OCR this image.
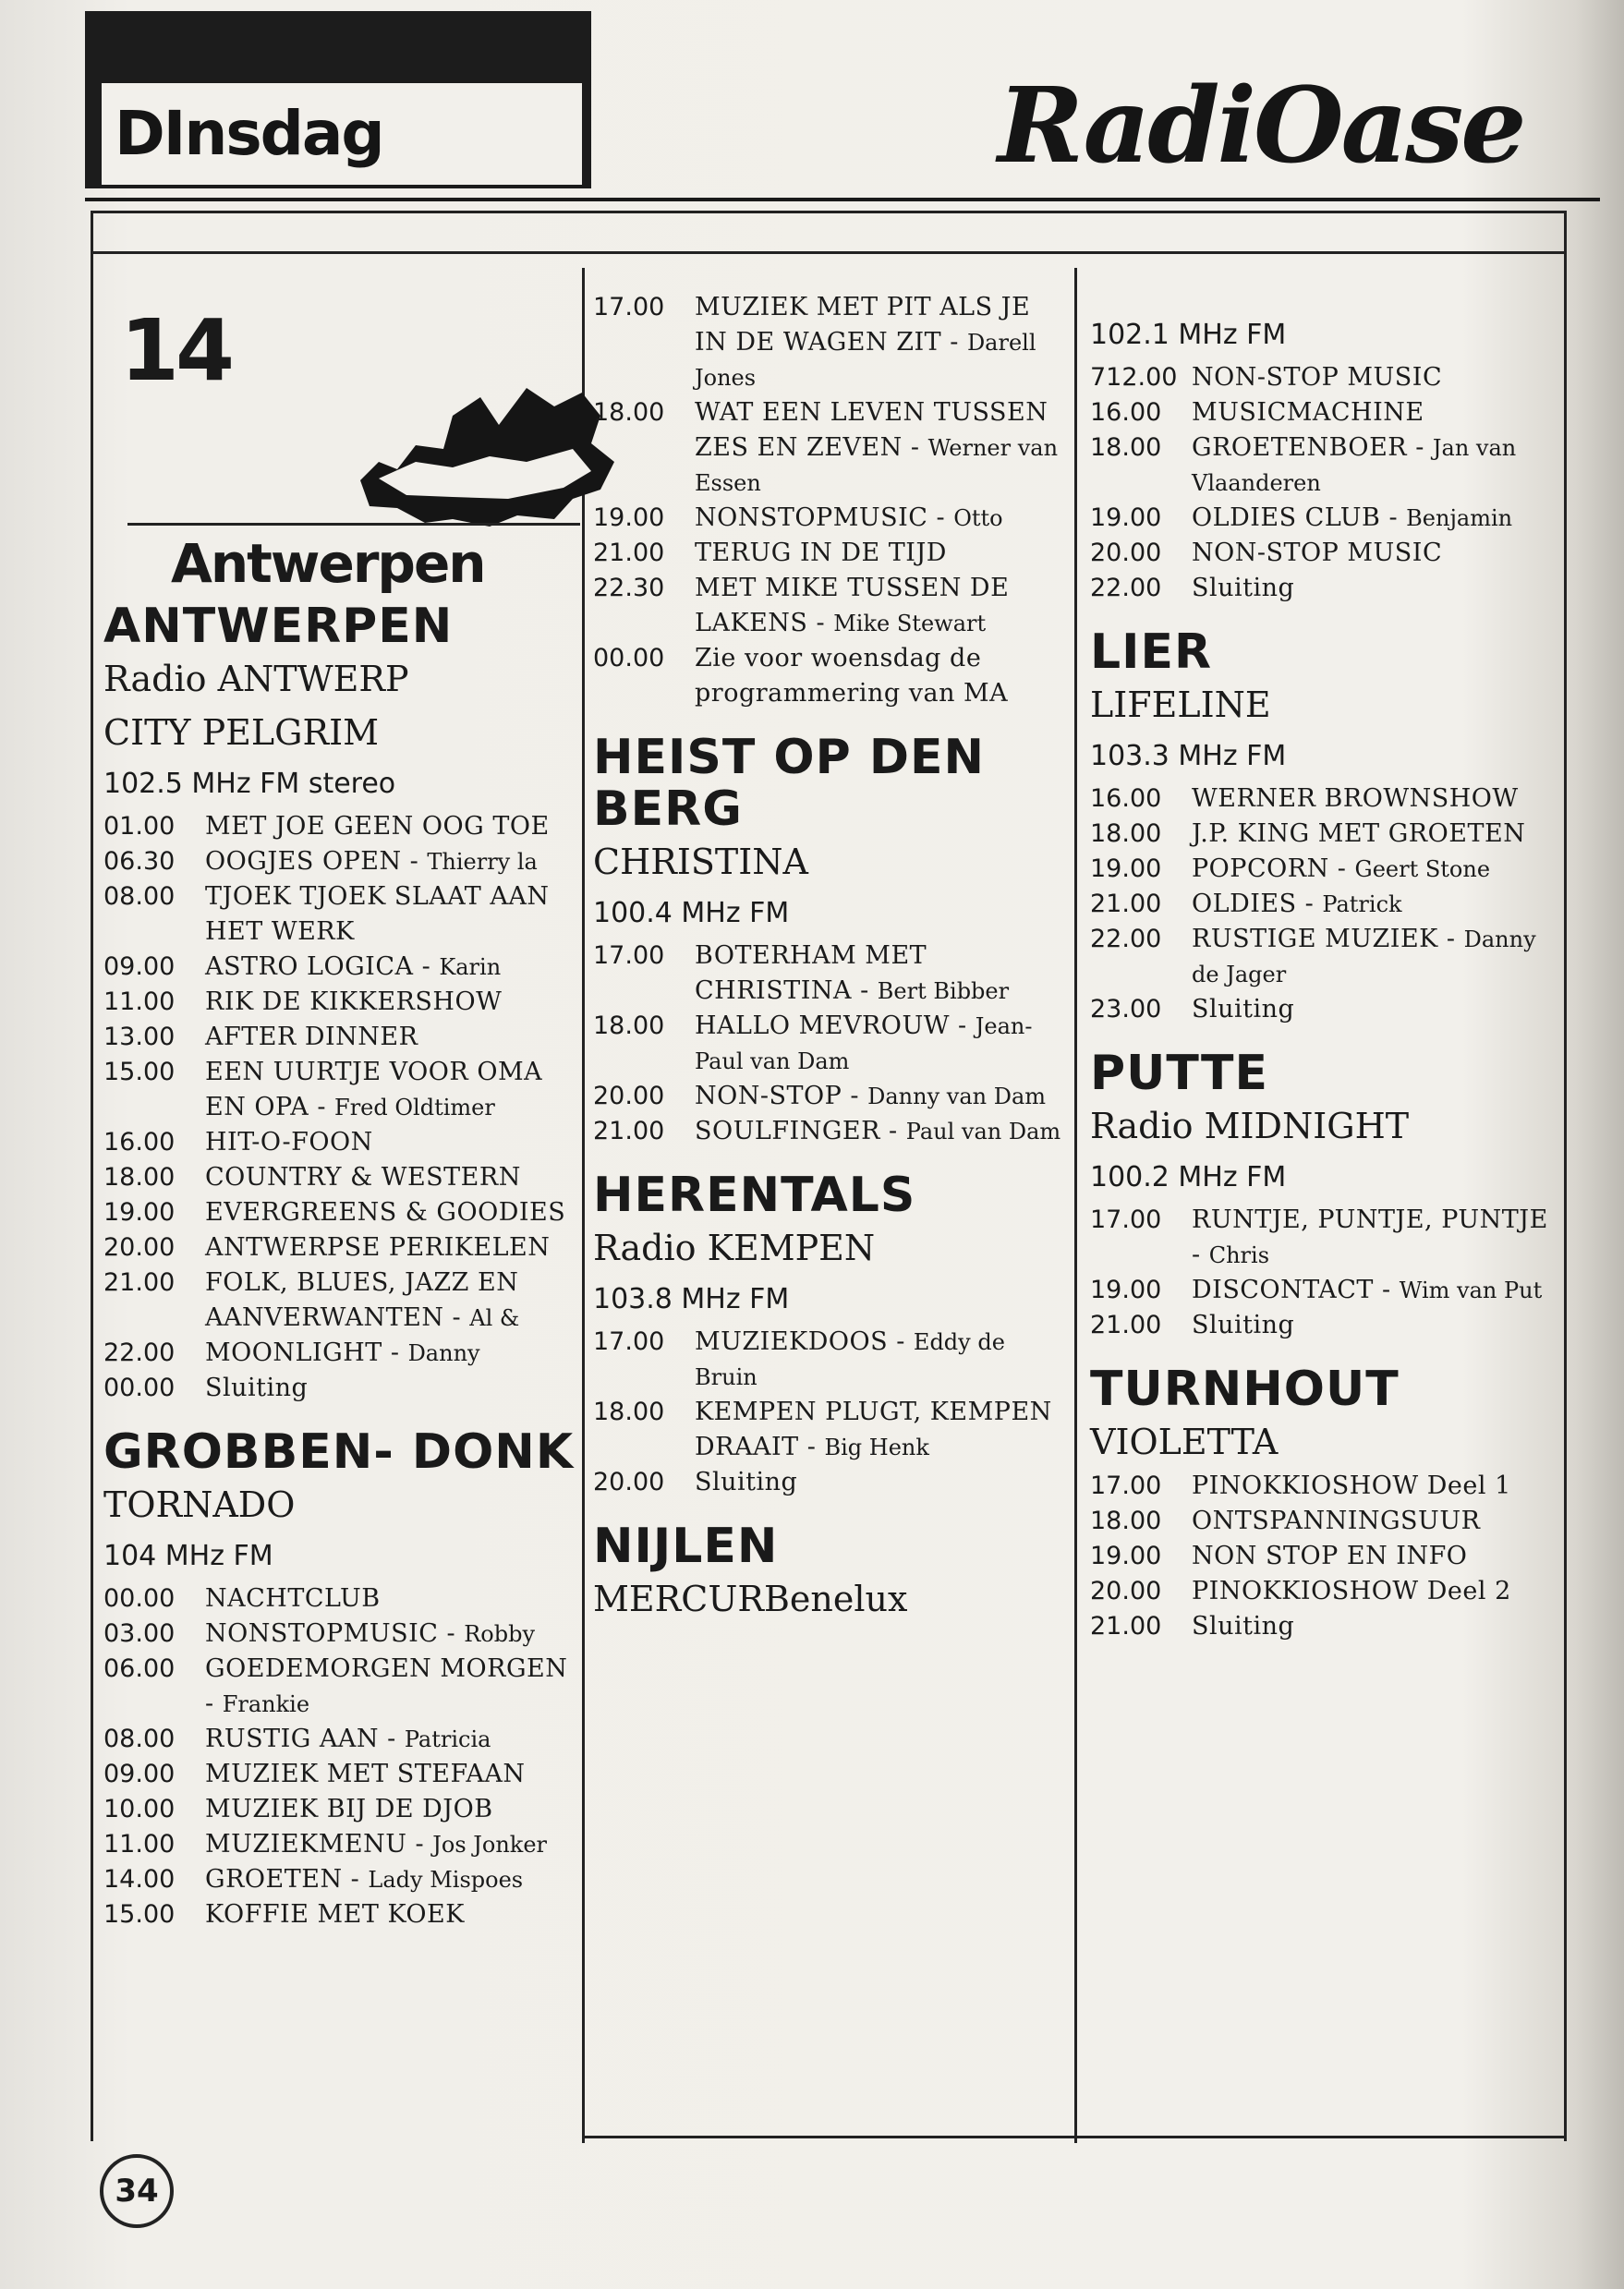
DInsdag	RadiOase
14
Antwerpen
ANTWERPEN
Radio ANTWERP
CITY PELGRIM
102.5 MHz FM stereo
01.00	MET JOE GEEN OOG TOE
06.30	OOGJES OPEN - Thierry la
08.00	TJOEK TJOEK SLAAT AAN HET WERK
09.00	ASTRO LOGICA - Karin
11.00	RIK DE KIKKERSHOW
13.00	AFTER DINNER
15.00	EEN UURTJE VOOR OMA EN OPA - Fred Oldtimer
16.00	HIT-O-FOON
18.00	COUNTRY & WESTERN
19.00	EVERGREENS & GOODIES
20.00	ANTWERPSE PERIKELEN
21.00	FOLK, BLUES, JAZZ EN AANVERWANTEN - Al &
22.00	MOONLIGHT - Danny
00.00	Sluiting
GROBBEN- DONK
TORNADO
104 MHz FM
00.00	NACHTCLUB
03.00	NONSTOPMUSIC - Robby
06.00	GOEDEMORGEN MORGEN - Frankie
08.00	RUSTIG AAN - Patricia
09.00	MUZIEK MET STEFAAN
10.00	MUZIEK BIJ DE DJOB
11.00	MUZIEKMENU - Jos Jonker
14.00	GROETEN - Lady Mispoes
15.00	KOFFIE MET KOEK
17.00	MUZIEK MET PIT ALS JE IN DE WAGEN ZIT - Darell Jones
18.00	WAT EEN LEVEN TUSSEN ZES EN ZEVEN - Werner van Essen
19.00	NONSTOPMUSIC - Otto
21.00	TERUG IN DE TIJD
22.30	MET MIKE TUSSEN DE LAKENS - Mike Stewart
00.00	Zie voor woensdag de programmering van MA
HEIST OP DEN BERG
CHRISTINA
100.4 MHz FM
17.00	BOTERHAM MET CHRISTINA - Bert Bibber
18.00	HALLO MEVROUW - Jean-Paul van Dam
20.00	NON-STOP - Danny van Dam
21.00	SOULFINGER - Paul van Dam
HERENTALS
Radio KEMPEN
103.8 MHz FM
17.00	MUZIEKDOOS - Eddy de Bruin
18.00	KEMPEN PLUGT, KEMPEN DRAAIT - Big Henk
20.00	Sluiting
NIJLEN
MERCURBenelux
102.1 MHz FM
712.00 NON-STOP MUSIC
16.00	MUSICMACHINE
18.00	GROETENBOER - Jan van Vlaanderen
19.00	OLDIES CLUB - Benjamin
20.00	NON-STOP MUSIC
22.00	Sluiting
LIER
LIFELINE
103.3 MHz FM
16.00	WERNER BROWNSHOW
18.00	J.P. KING MET GROETEN
19.00	POPCORN - Geert Stone
21.00	OLDIES - Patrick
22.00	RUSTIGE MUZIEK - Danny de Jager
23.00	Sluiting
PUTTE
Radio MIDNIGHT
100.2 MHz FM
17.00	RUNTJE, PUNTJE, PUNTJE - Chris
19.00	DISCONTACT - Wim van Put
21.00	Sluiting
TURNHOUT
VIOLETTA
17.00	PINOKKIOSHOW Deel 1
18.00	ONTSPANNINGSUUR
19.00	NON STOP EN INFO
20.00	PINOKKIOSHOW Deel 2
21.00	Sluiting
34
